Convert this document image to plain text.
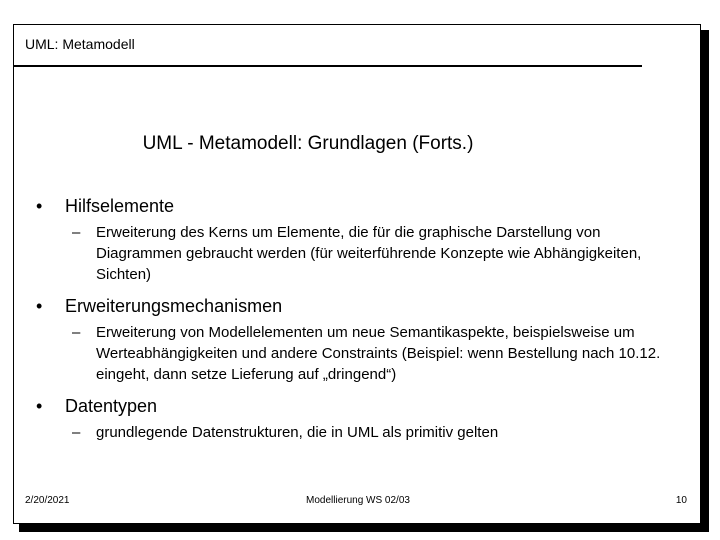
UML: Metamodell
UML - Metamodell: Grundlagen (Forts.)
• Hilfselemente
– Erweiterung des Kerns um Elemente, die für die graphische Darstellung von Diagrammen gebraucht werden (für weiterführende Konzepte wie Abhängigkeiten, Sichten)
• Erweiterungsmechanismen
– Erweiterung von Modellelementen um neue Semantikaspekte, beispielsweise um Werteabhängigkeiten und andere Constraints (Beispiel: wenn Bestellung nach 10.12. eingeht, dann setze Lieferung auf „dringend“)
• Datentypen
– grundlegende Datenstrukturen, die in UML als primitiv gelten
2/20/2021	Modellierung WS 02/03	10
